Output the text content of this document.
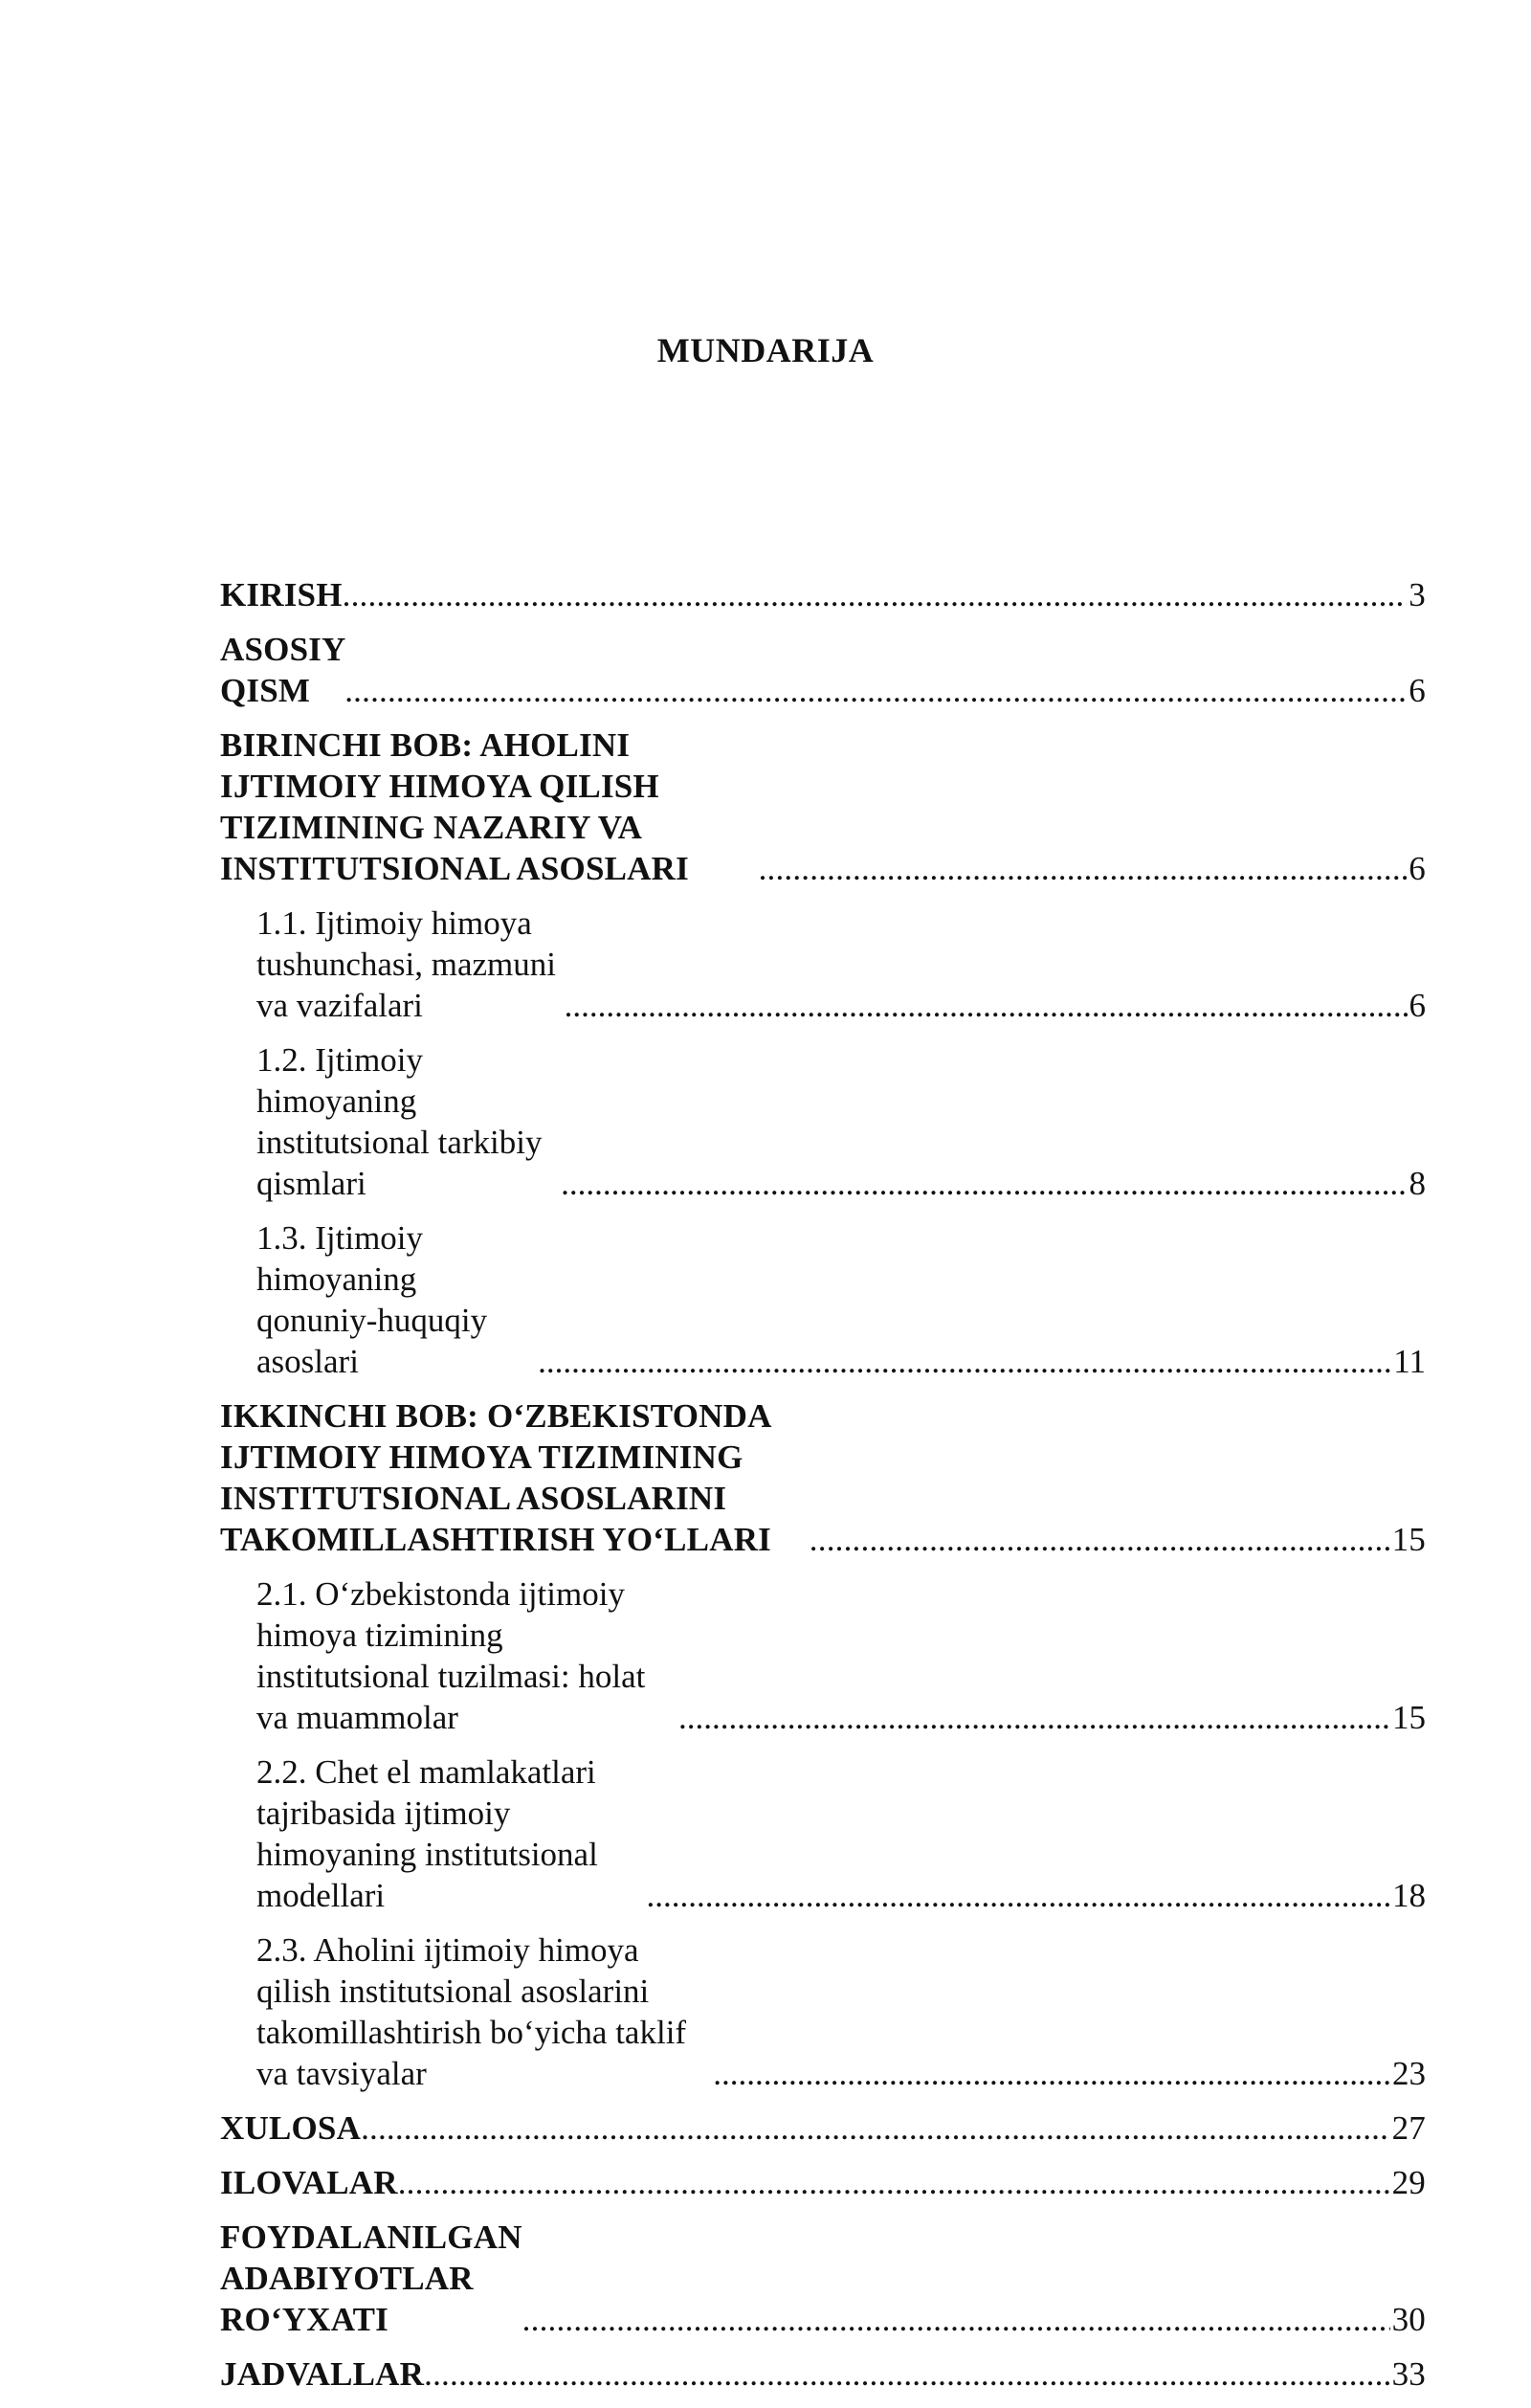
MUNDARIJA
KIRISH .....	3
ASOSIY QISM .....	6
BIRINCHI BOB: AHOLINI IJTIMOIY HIMOYA QILISH TIZIMINING NAZARIY VA INSTITUTSIONAL ASOSLARI .....	6
1.1. Ijtimoiy himoya tushunchasi, mazmuni va vazifalari .....	6
1.2. Ijtimoiy himoyaning institutsional tarkibiy qismlari .....	8
1.3. Ijtimoiy himoyaning qonuniy-huquqiy asoslari .....	11
IKKINCHI BOB: O‘ZBEKISTONDA IJTIMOIY HIMOYA TIZIMINING INSTITUTSIONAL ASOSLARINI TAKOMILLASHTIRISH YO‘LLARI .....	15
2.1. O‘zbekistonda ijtimoiy himoya tizimining institutsional tuzilmasi: holat va muammolar .....	15
2.2. Chet el mamlakatlari tajribasida ijtimoiy himoyaning institutsional modellari .....	18
2.3. Aholini ijtimoiy himoya qilish institutsional asoslarini takomillashtirish bo‘yicha taklif va tavsiyalar .....	23
XULOSA .....	27
ILOVALAR .....	29
FOYDALANILGAN ADABIYOTLAR RO‘YXATI .....	30
JADVALLAR .....	33
